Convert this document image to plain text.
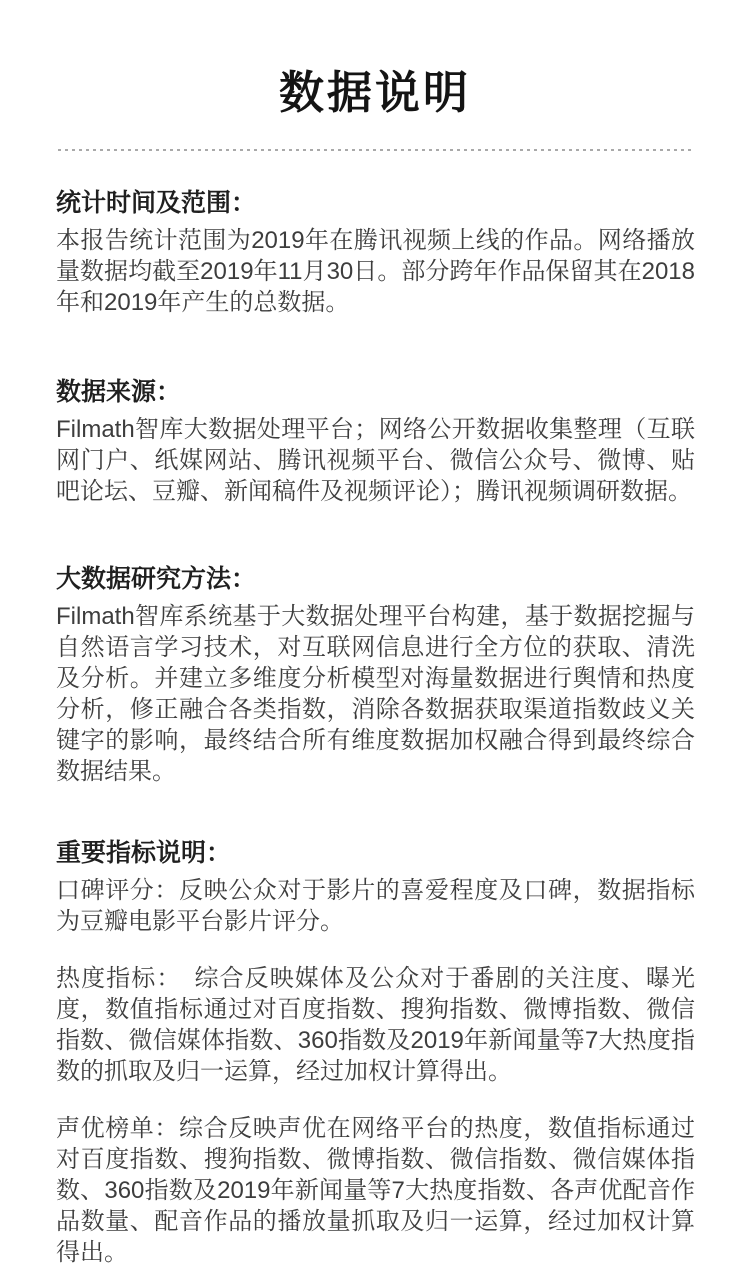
数据说明
统计时间及范围：

本报告统计范围为2019年在腾讯视频上线的作品。网络播放量数据均截至2019年11月30日。部分跨年作品保留其在2018年和2019年产生的总数据。

数据来源：

Filmath智库大数据处理平台；网络公开数据收集整理（互联网门户、纸媒网站、腾讯视频平台、微信公众号、微博、贴吧论坛、豆瓣、新闻稿件及视频评论）；腾讯视频调研数据。

大数据研究方法：

Filmath智库系统基于大数据处理平台构建，基于数据挖掘与自然语言学习技术，对互联网信息进行全方位的获取、清洗及分析。并建立多维度分析模型对海量数据进行舆情和热度分析，修正融合各类指数，消除各数据获取渠道指数歧义关键字的影响，最终结合所有维度数据加权融合得到最终综合数据结果。

重要指标说明：

口碑评分：反映公众对于影片的喜爱程度及口碑，数据指标为豆瓣电影平台影片评分。

热度指标：　综合反映媒体及公众对于番剧的关注度、曝光度，数值指标通过对百度指数、搜狗指数、微博指数、微信指数、微信媒体指数、360指数及2019年新闻量等7大热度指数的抓取及归一运算，经过加权计算得出。

声优榜单：综合反映声优在网络平台的热度，数值指标通过对百度指数、搜狗指数、微博指数、微信指数、微信媒体指数、360指数及2019年新闻量等7大热度指数、各声优配音作品数量、配音作品的播放量抓取及归一运算，经过加权计算得出。
